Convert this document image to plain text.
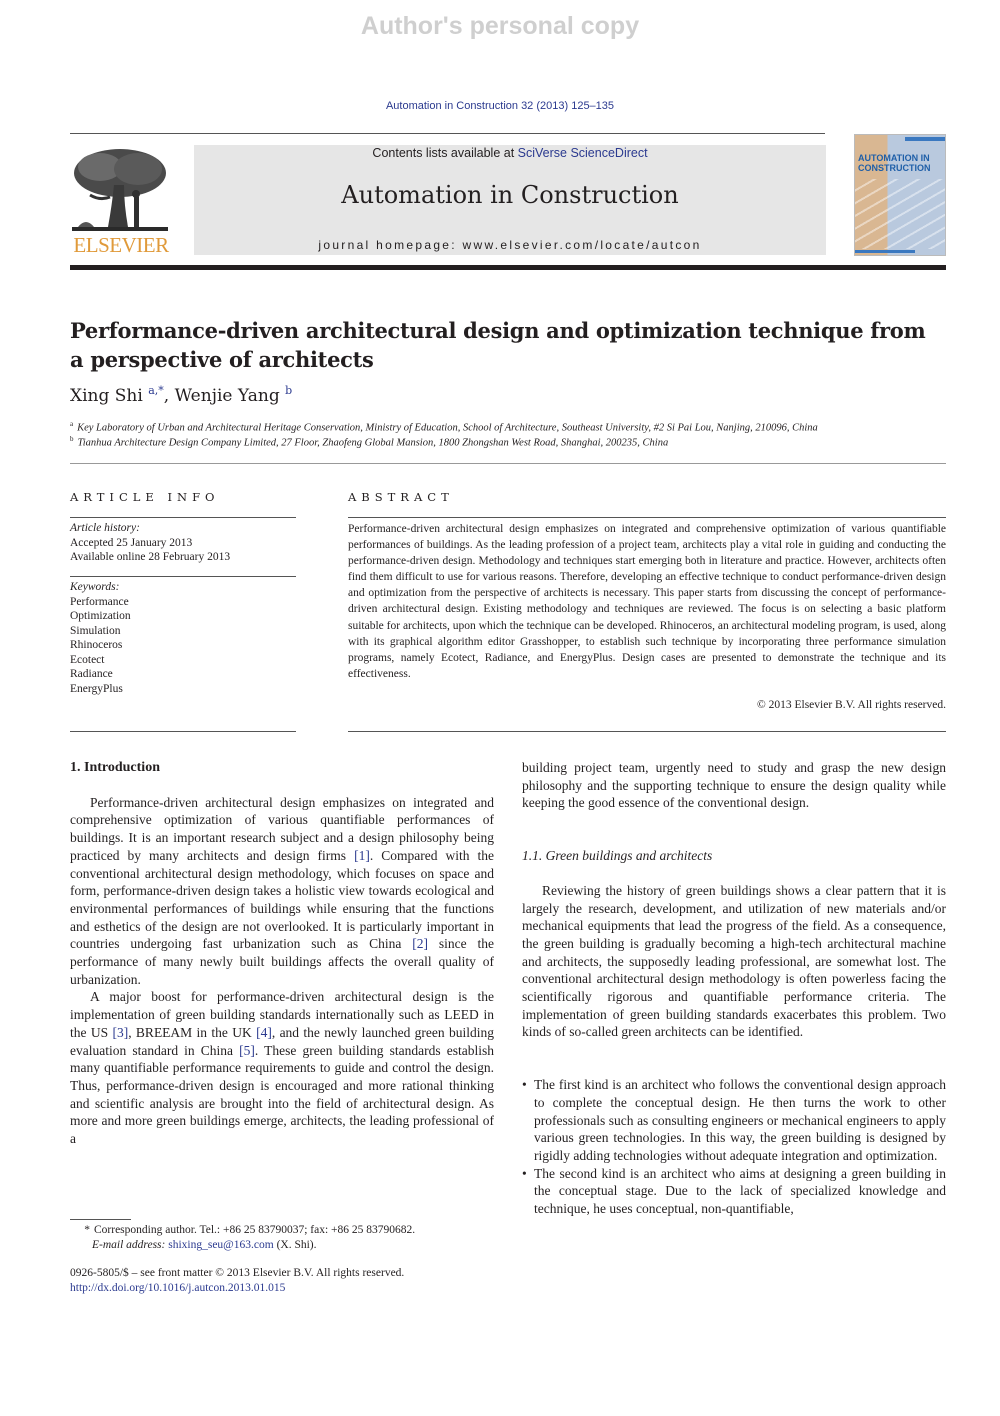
Author's personal copy
Automation in Construction 32 (2013) 125–135
ELSEVIER
Contents lists available at SciVerse ScienceDirect
Automation in Construction
journal homepage: www.elsevier.com/locate/autcon
AUTOMATION IN CONSTRUCTION
Performance-driven architectural design and optimization technique from a perspective of architects
Xing Shi $^{a,*}$, Wenjie Yang $^b$
$^a$ Key Laboratory of Urban and Architectural Heritage Conservation, Ministry of Education, School of Architecture, Southeast University, #2 Si Pai Lou, Nanjing, 210096, China
$^b$ Tianhua Architecture Design Company Limited, 27 Floor, Zhaofeng Global Mansion, 1800 Zhongshan West Road, Shanghai, 200235, China
ARTICLE INFO
Article history:
Accepted 25 January 2013
Available online 28 February 2013
Keywords:
Performance
Optimization
Simulation
Rhinoceros
Ecotect
Radiance
EnergyPlus
ABSTRACT

Performance-driven architectural design emphasizes on integrated and comprehensive optimization of various quantifiable performances of buildings. As the leading profession of a project team, architects play a vital role in guiding and conducting the performance-driven design. Methodology and techniques start emerging both in literature and practice. However, architects often find them difficult to use for various reasons. Therefore, developing an effective technique to conduct performance-driven design and optimization from the perspective of architects is necessary. This paper starts from discussing the concept of performance-driven architectural design. Existing methodology and techniques are reviewed. The focus is on selecting a basic platform suitable for architects, upon which the technique can be developed. Rhinoceros, an architectural modeling program, is used, along with its graphical algorithm editor Grasshopper, to establish such technique by incorporating three performance simulation programs, namely Ecotect, Radiance, and EnergyPlus. Design cases are presented to demonstrate the technique and its effectiveness.

© 2013 Elsevier B.V. All rights reserved.
1. Introduction

Performance-driven architectural design emphasizes on integrated and comprehensive optimization of various quantifiable performances of buildings. It is an important research subject and a design philosophy being practiced by many architects and design firms [1]. Compared with the conventional architectural design methodology, which focuses on space and form, performance-driven design takes a holistic view towards ecological and environmental performances of buildings while ensuring that the functions and esthetics of the design are not overlooked. It is particularly important in countries undergoing fast urbanization such as China [2] since the performance of many newly built buildings affects the overall quality of urbanization.

A major boost for performance-driven architectural design is the implementation of green building standards internationally such as LEED in the US [3], BREEAM in the UK [4], and the newly launched green building evaluation standard in China [5]. These green building standards establish many quantifiable performance requirements to guide and control the design. Thus, performance-driven design is encouraged and more rational thinking and scientific analysis are brought into the field of architectural design. As more and more green buildings emerge, architects, the leading professional of a

building project team, urgently need to study and grasp the new design philosophy and the supporting technique to ensure the design quality while keeping the good essence of the conventional design.

1.1. Green buildings and architects

Reviewing the history of green buildings shows a clear pattern that it is largely the research, development, and utilization of new materials and/or mechanical equipments that lead the progress of the field. As a consequence, the green building is gradually becoming a high-tech architectural machine and architects, the supposedly leading professional, are somewhat lost. The conventional architectural design methodology is often powerless facing the scientifically rigorous and quantifiable performance criteria. The implementation of green building standards exacerbates this problem. Two kinds of so-called green architects can be identified.

• The first kind is an architect who follows the conventional design approach to complete the conceptual design. He then turns the work to other professionals such as consulting engineers or mechanical engineers to apply various green technologies. In this way, the green building is designed by rigidly adding technologies without adequate integration and optimization.
• The second kind is an architect who aims at designing a green building in the conceptual stage. Due to the lack of specialized knowledge and technique, he uses conceptual, non-quantifiable,
* Corresponding author. Tel.: +86 25 83790037; fax: +86 25 83790682.
E-mail address: shixing_seu@163.com (X. Shi).
0926-5805/$ – see front matter © 2013 Elsevier B.V. All rights reserved.
http://dx.doi.org/10.1016/j.autcon.2013.01.015
